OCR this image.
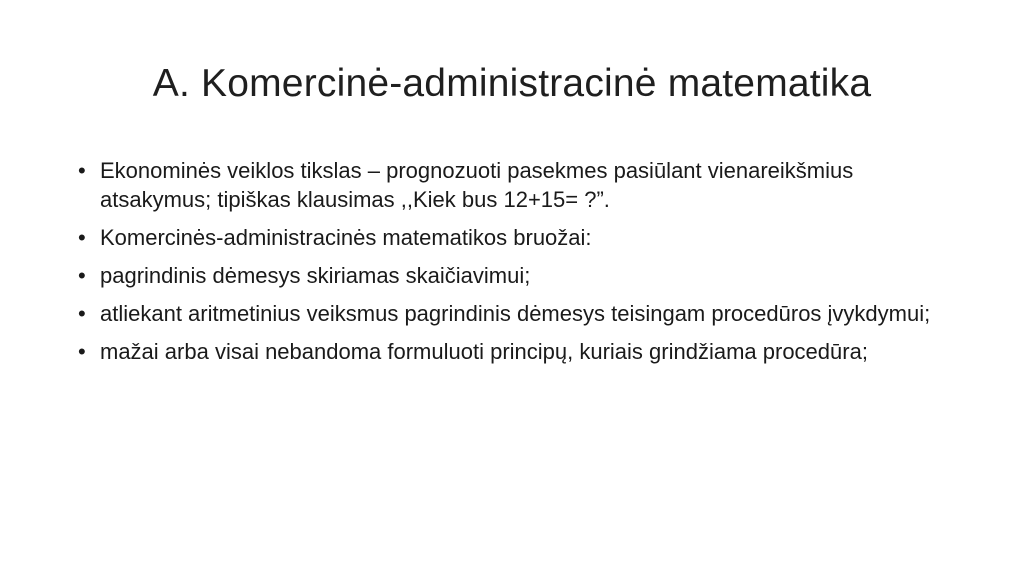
A. Komercinė-administracinė matematika
• Ekonominės veiklos tikslas – prognozuoti pasekmes pasiūlant vienareikšmius atsakymus; tipiškas klausimas ,,Kiek bus 12+15= ?”.
• Komercinės-administracinės matematikos bruožai:
• pagrindinis dėmesys skiriamas skaičiavimui;
• atliekant aritmetinius veiksmus pagrindinis dėmesys teisingam procedūros įvykdymui;
• mažai arba visai nebandoma formuluoti principų, kuriais grindžiama procedūra;
